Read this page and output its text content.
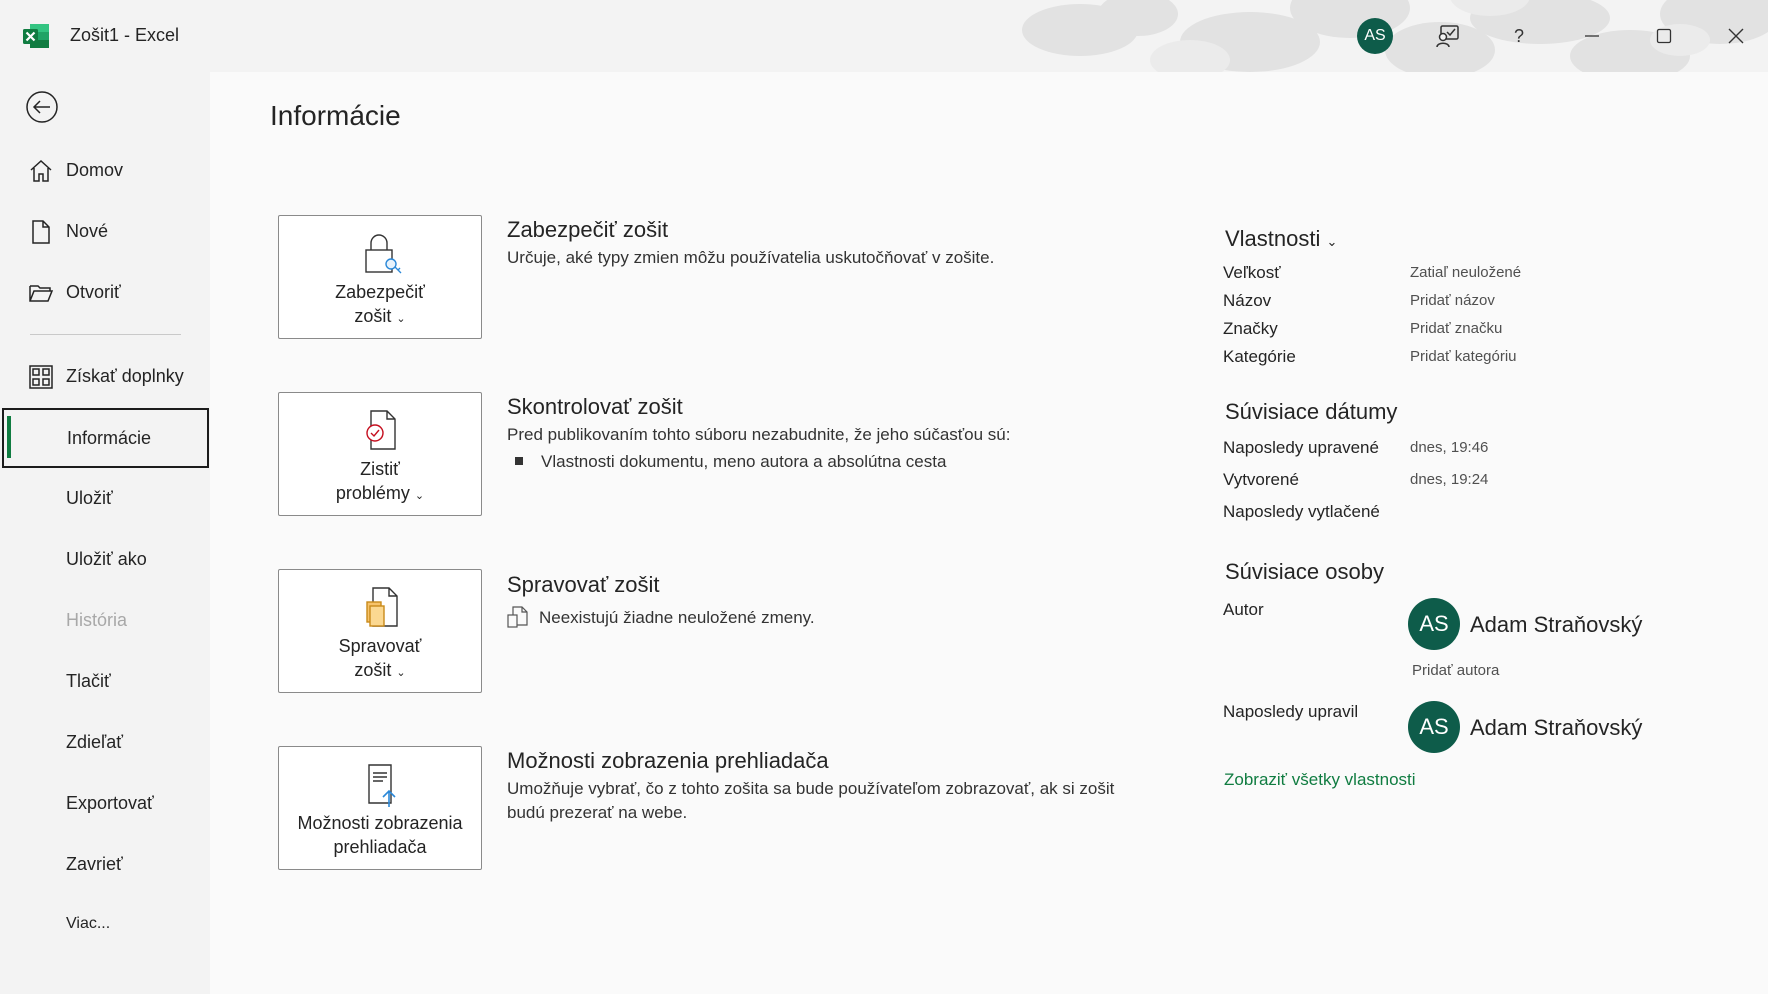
Zošit1 - Excel	AS	?
Domov
Nové
Otvoriť
Získať doplnky
Informácie
Uložiť
Uložiť ako
História
Tlačiť
Zdieľať
Exportovať
Zavrieť
Viac...
Informácie
Zabezpečiť
zošit ⌄
Zabezpečiť zošit
Určuje, aké typy zmien môžu používatelia uskutočňovať v zošite.
Zistiť
problémy ⌄
Skontrolovať zošit
Pred publikovaním tohto súboru nezabudnite, že jeho súčasťou sú:
Vlastnosti dokumentu, meno autora a absolútna cesta
Spravovať
zošit ⌄
Spravovať zošit
Neexistujú žiadne neuložené zmeny.
Možnosti zobrazenia
prehliadača
Možnosti zobrazenia prehliadača
Umožňuje vybrať, čo z tohto zošita sa bude používateľom zobrazovať, ak si zošit budú prezerať na webe.
Vlastnosti ⌄
Veľkosť	Zatiaľ neuložené
Názov	Pridať názov
Značky	Pridať značku
Kategórie	Pridať kategóriu
Súvisiace dátumy
Naposledy upravené dnes, 19:46
Vytvorené	dnes, 19:24
Naposledy vytlačené
Súvisiace osoby
Autor
AS Adam Straňovský
Pridať autora
Naposledy upravil
AS Adam Straňovský
Zobraziť všetky vlastnosti
